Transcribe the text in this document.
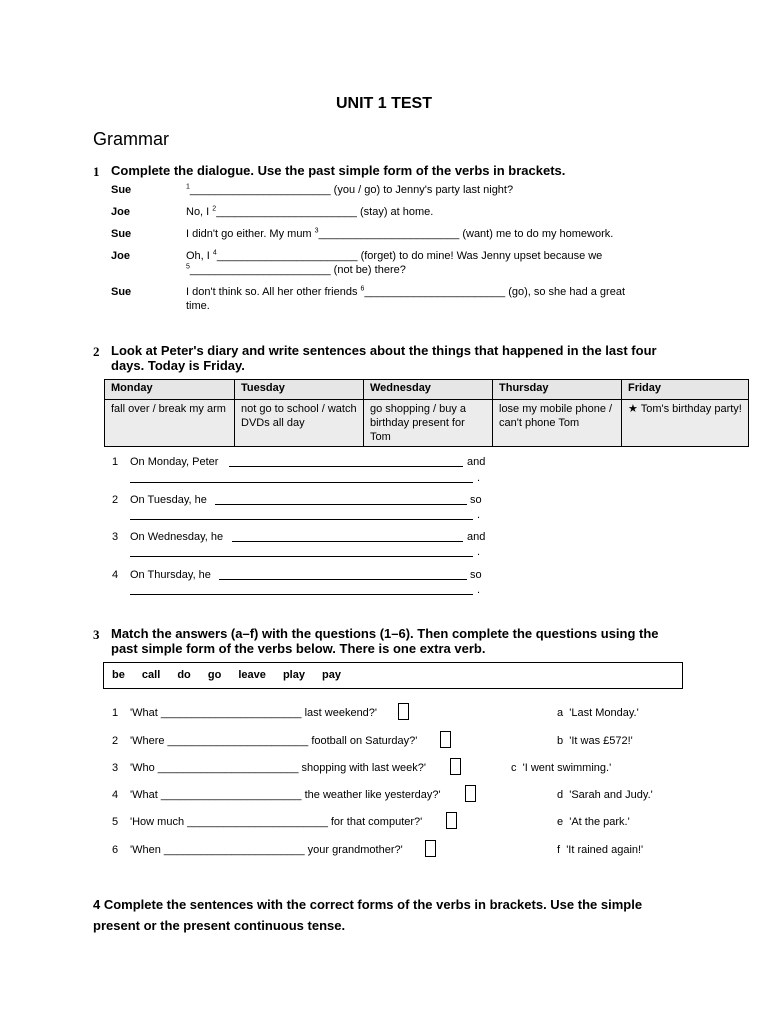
UNIT 1 TEST
Grammar
1 Complete the dialogue. Use the past simple form of the verbs in brackets.
Sue	$^1$_______________________ (you / go) to Jenny's party last night?
Joe	No, I $^2$_______________________ (stay) at home.
Sue	I didn't go either. My mum $^3$_______________________ (want) me to do my homework.
Joe	Oh, I $^4$_______________________ (forget) to do mine! Was Jenny upset because we
$^5$_______________________ (not be) there?
Sue	I don't think so. All her other friends $^6$_______________________ (go), so she had a great
time.
2 Look at Peter's diary and write sentences about the things that happened in the last four
days. Today is Friday.
Monday	Tuesday	Wednesday	Thursday	Friday
fall over / break my arm	not go to school / watch DVDs all day	go shopping / buy a birthday present for Tom	lose my mobile phone / can't phone Tom	★ Tom's birthday party!
1 On Monday, Peter	and
.
2 On Tuesday, he	so
.
3 On Wednesday, he	and
.
4 On Thursday, he	so
.
3 Match the answers (a–f) with the questions (1–6). Then complete the questions using the
past simple form of the verbs below. There is one extra verb.
be call do go leave play pay
1 'What _______________________ last weekend?'
2 'Where _______________________ football on Saturday?'
3 'Who _______________________ shopping with last week?'
4 'What _______________________ the weather like yesterday?'
5 'How much _______________________ for that computer?'
6 'When _______________________ your grandmother?'
a 'Last Monday.'
b 'It was £572!'
c 'I went swimming.'
d 'Sarah and Judy.'
e 'At the park.'
f 'It rained again!'
4 Complete the sentences with the correct forms of the verbs in brackets. Use the simple
present or the present continuous tense.
